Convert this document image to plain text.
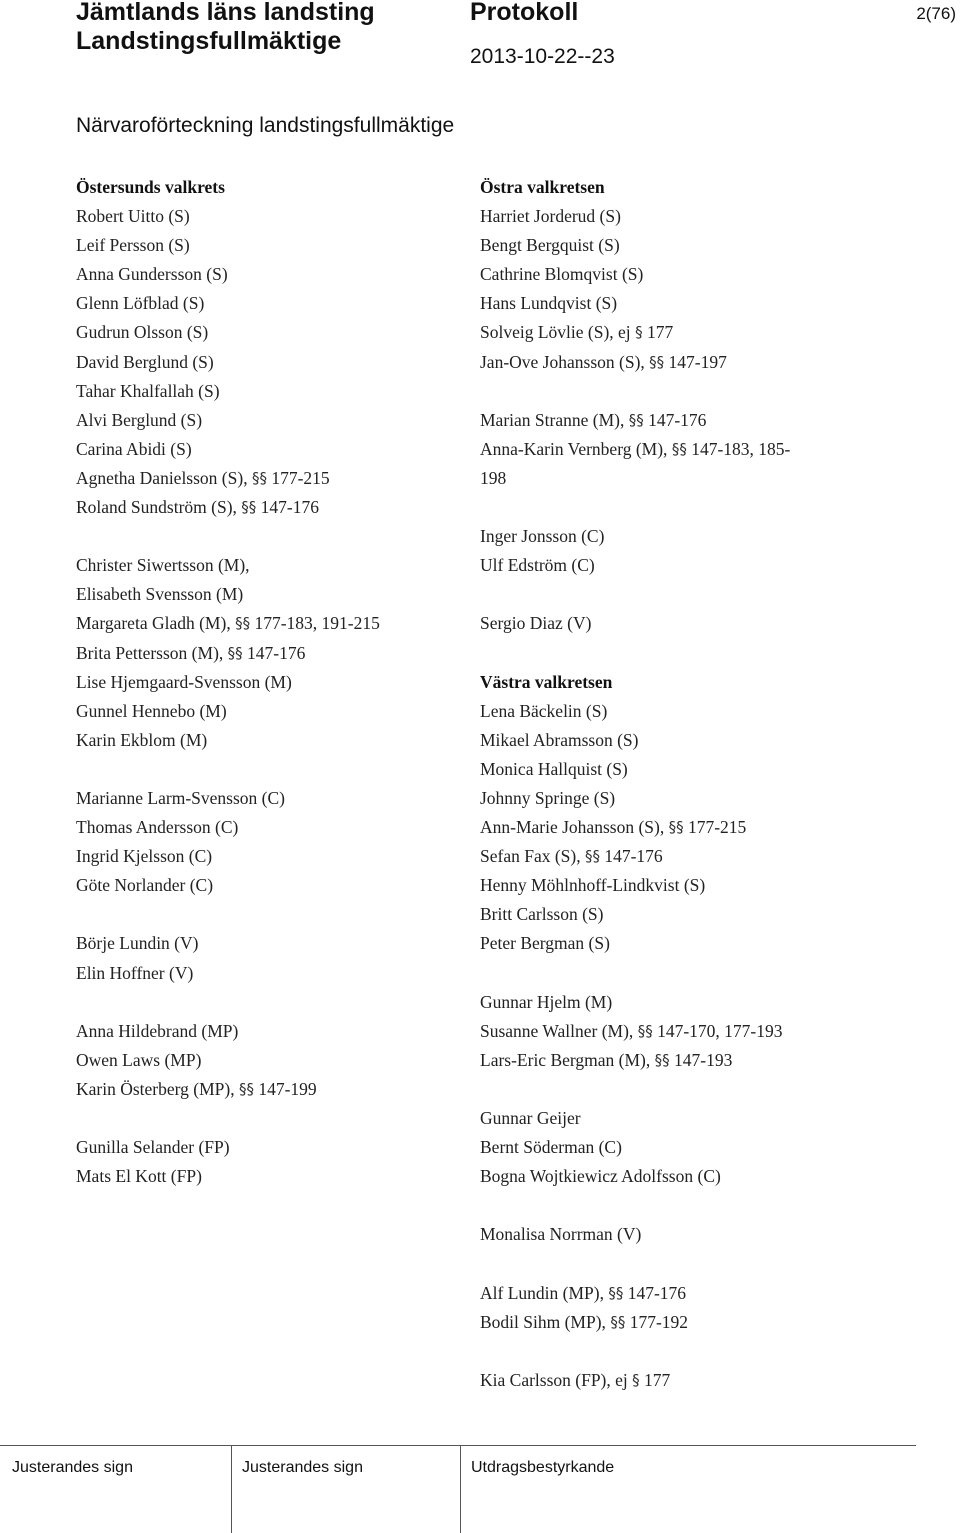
Jämtlands läns landsting
Landstingsfullmäktige
Protokoll
2013-10-22--23
2(76)
Närvaroförteckning landstingsfullmäktige
Östersunds valkrets
Robert Uitto (S)
Leif Persson (S)
Anna Gundersson (S)
Glenn Löfblad (S)
Gudrun Olsson (S)
David Berglund (S)
Tahar Khalfallah (S)
Alvi Berglund (S)
Carina Abidi (S)
Agnetha Danielsson (S), §§ 177-215
Roland Sundström (S), §§ 147-176
Christer Siwertsson (M),
Elisabeth Svensson (M)
Margareta Gladh (M), §§ 177-183, 191-215
Brita Pettersson (M), §§ 147-176
Lise Hjemgaard-Svensson (M)
Gunnel Hennebo (M)
Karin Ekblom (M)
Marianne Larm-Svensson (C)
Thomas Andersson (C)
Ingrid Kjelsson (C)
Göte Norlander (C)
Börje Lundin (V)
Elin Hoffner (V)
Anna Hildebrand (MP)
Owen Laws (MP)
Karin Österberg (MP), §§ 147-199
Gunilla Selander (FP)
Mats El Kott (FP)
Östra valkretsen
Harriet Jorderud (S)
Bengt Bergquist (S)
Cathrine Blomqvist (S)
Hans Lundqvist (S)
Solveig Lövlie (S), ej § 177
Jan-Ove Johansson (S), §§ 147-197
Marian Stranne (M), §§ 147-176
Anna-Karin Vernberg (M), §§ 147-183, 185-
198
Inger Jonsson (C)
Ulf Edström (C)
Sergio Diaz (V)
Västra valkretsen
Lena Bäckelin (S)
Mikael Abramsson (S)
Monica Hallquist (S)
Johnny Springe (S)
Ann-Marie Johansson (S), §§ 177-215
Sefan Fax (S), §§ 147-176
Henny Möhlnhoff-Lindkvist (S)
Britt Carlsson (S)
Peter Bergman (S)
Gunnar Hjelm (M)
Susanne Wallner (M), §§ 147-170, 177-193
Lars-Eric Bergman (M), §§ 147-193
Gunnar Geijer
Bernt Söderman (C)
Bogna Wojtkiewicz Adolfsson (C)
Monalisa Norrman (V)
Alf Lundin (MP), §§ 147-176
Bodil Sihm (MP), §§ 177-192
Kia Carlsson (FP), ej § 177
Justerandes sign	Justerandes sign	Utdragsbestyrkande
